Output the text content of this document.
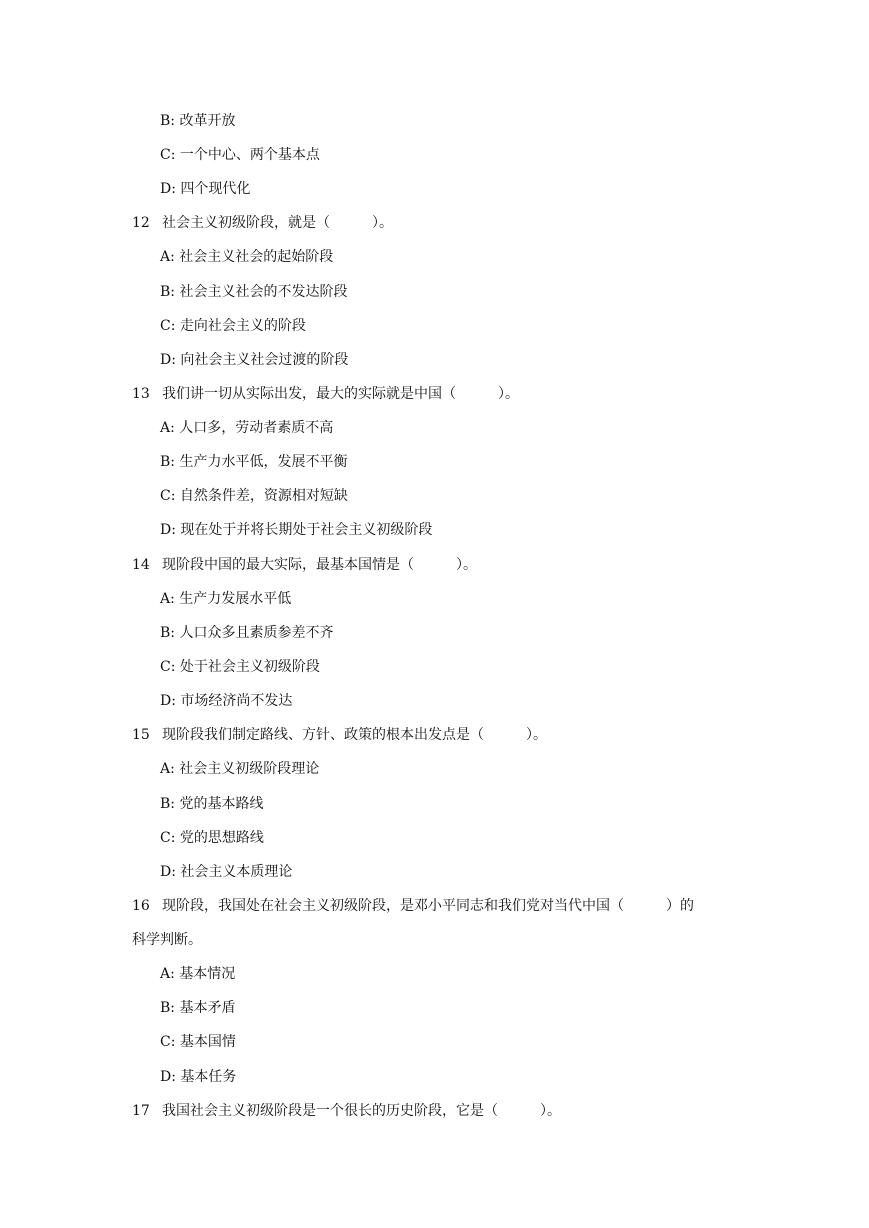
B: 改革开放
C: 一个中心、两个基本点
D: 四个现代化
12 社会主义初级阶段，就是（　　　）。
A: 社会主义社会的起始阶段
B: 社会主义社会的不发达阶段
C: 走向社会主义的阶段
D: 向社会主义社会过渡的阶段
13 我们讲一切从实际出发，最大的实际就是中国（　　　）。
A: 人口多，劳动者素质不高
B: 生产力水平低，发展不平衡
C: 自然条件差，资源相对短缺
D: 现在处于并将长期处于社会主义初级阶段
14 现阶段中国的最大实际，最基本国情是（　　　）。
A: 生产力发展水平低
B: 人口众多且素质参差不齐
C: 处于社会主义初级阶段
D: 市场经济尚不发达
15 现阶段我们制定路线、方针、政策的根本出发点是（　　　）。
A: 社会主义初级阶段理论
B: 党的基本路线
C: 党的思想路线
D: 社会主义本质理论
16 现阶段，我国处在社会主义初级阶段，是邓小平同志和我们党对当代中国（　　　）的
科学判断。
A: 基本情况
B: 基本矛盾
C: 基本国情
D: 基本任务
17 我国社会主义初级阶段是一个很长的历史阶段，它是（　　　）。
